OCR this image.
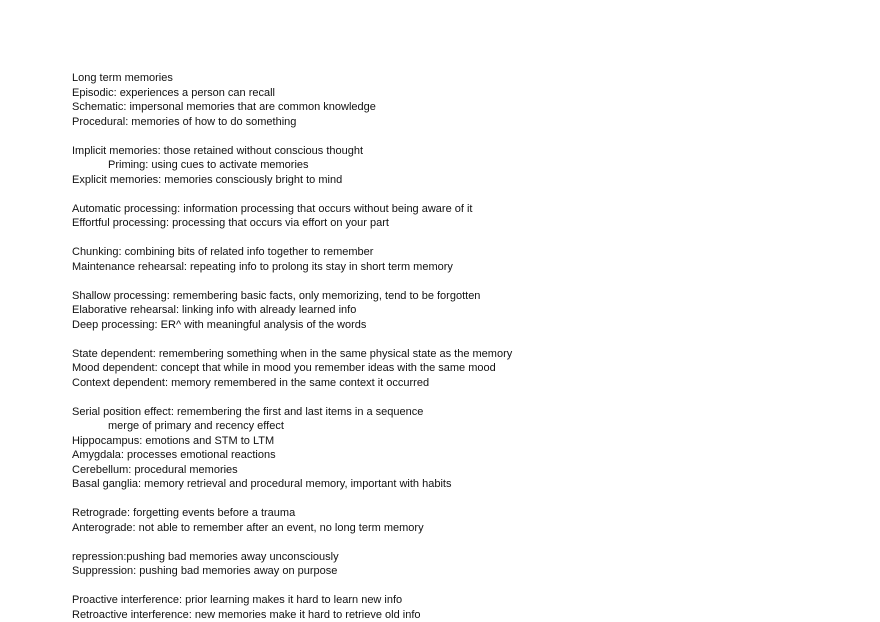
Long term memories
Episodic: experiences a person can recall
Schematic: impersonal memories that are common knowledge
Procedural: memories of how to do something
Implicit memories: those retained without conscious thought
Priming: using cues to activate memories
Explicit memories: memories consciously bright to mind
Automatic processing: information processing that occurs without being aware of it
Effortful processing: processing that occurs via effort on your part
Chunking: combining bits of related info together to remember
Maintenance rehearsal: repeating info to prolong its stay in short term memory
Shallow processing: remembering basic facts, only memorizing, tend to be forgotten
Elaborative rehearsal: linking info with already learned info
Deep processing: ER^ with meaningful analysis of the words
State dependent: remembering something when in the same physical state as the memory
Mood dependent: concept that while in mood you remember ideas with the same mood
Context dependent: memory remembered in the same context it occurred
Serial position effect: remembering the first and last items in a sequence
merge of primary and recency effect
Hippocampus: emotions and STM to LTM
Amygdala: processes emotional reactions
Cerebellum: procedural memories
Basal ganglia: memory retrieval and procedural memory, important with habits
Retrograde: forgetting events before a trauma
Anterograde: not able to remember after an event, no long term memory
repression:pushing bad memories away unconsciously
Suppression: pushing bad memories away on purpose
Proactive interference: prior learning makes it hard to learn new info
Retroactive interference: new memories make it hard to retrieve old info
